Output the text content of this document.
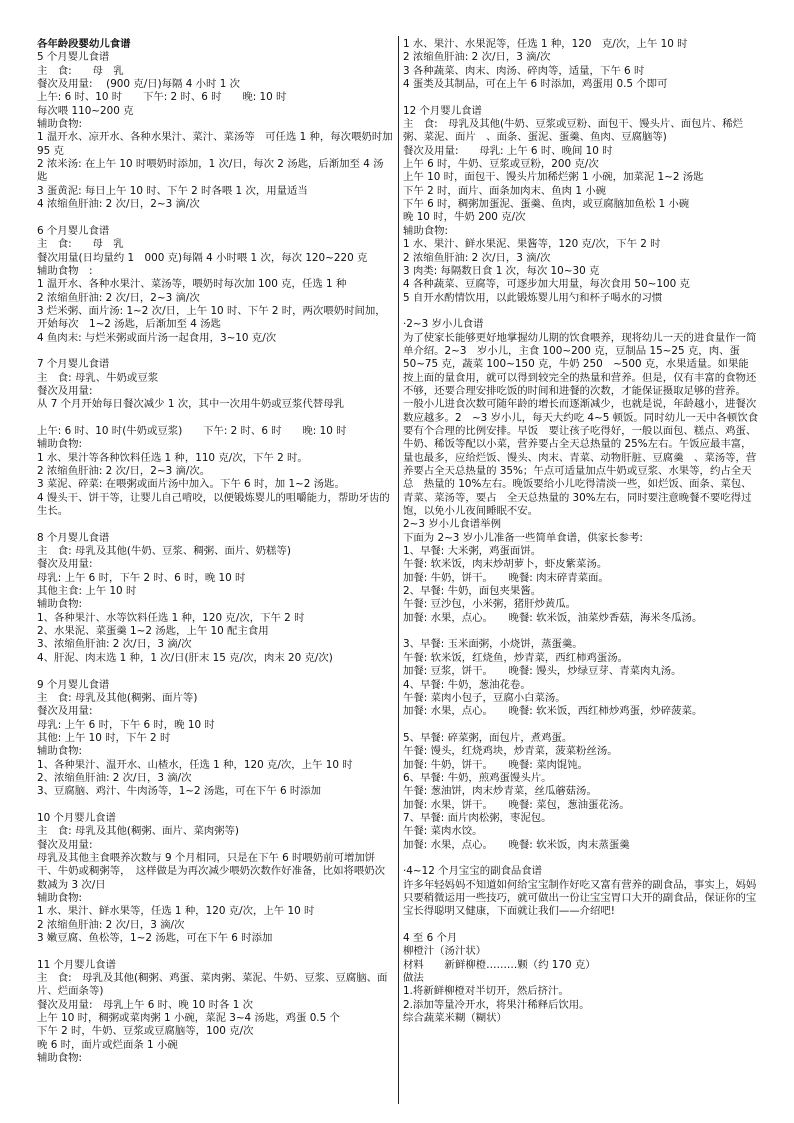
各年龄段婴幼儿食谱
5 个月婴儿食谱
主　食:　　母　乳
餐次及用量:　 (900 克/日)每隔 4 小时 1 次
上午: 6 时、10 时　　下午: 2 时、6 时　　晚: 10 时
每次喂 110~200 克
辅助食物:
1 温开水、凉开水、各种水果汁、菜汁、菜汤等　可任选 1 种，每次喂奶时加 95 克
2 浓米汤: 在上午 10 时喂奶时添加，1 次/日，每次 2 汤匙，后渐加至 4 汤匙
3 蛋黄泥: 每日上午 10 时、下午 2 时各喂 1 次，用量适当
4 浓缩鱼肝油: 2 次/日，2~3 滴/次
6 个月婴儿食谱
主　食:　　母　乳
餐次用量(日均量约 1　000 克)每隔 4 小时喂 1 次，每次 120~220 克
辅助食物　:
1 温开水、各种水果汁、菜汤等，喂奶时每次加 100 克，任选 1 种
2 浓缩鱼肝油: 2 次/日，2~3 滴/次
3 烂米粥、面片汤: 1~2 次/日，上午 10 时、下午 2 时，两次喂奶时间加，开始每次　1~2 汤匙，后渐加至 4 汤匙
4 鱼肉末: 与烂米粥或面片汤一起食用，3~10 克/次
7 个月婴儿食谱
主　食: 母乳、牛奶或豆浆
餐次及用量:
从 7 个月开始每日餐次减少 1 次，其中一次用牛奶或豆浆代替母乳
上午: 6 时、10 时(牛奶或豆浆)　　下午: 2 时、6 时　　晚: 10 时
辅助食物:
1 水、果汁等各种饮料任选 1 种，110 克/次，下午 2 时。
2 浓缩鱼肝油: 2 次/日，2~3 滴/次。
3 菜泥、碎菜: 在喂粥或面片汤中加入。下午 6 时，加 1~2 汤匙。
4 馒头干、饼干等，让婴儿自己啃咬，以便锻炼婴儿的咀嚼能力，帮助牙齿的生长。
8 个月婴儿食谱
主　食: 母乳及其他(牛奶、豆浆、稠粥、面片、奶糕等)
餐次及用量:
母乳: 上午 6 时，下午 2 时、6 时，晚 10 时
其他主食: 上午 10 时
辅助食物:
1、各种果汁、水等饮料任选 1 种，120 克/次，下午 2 时
2、水果泥、菜蛋羹 1~2 汤匙，上午 10 配主食用
3、浓缩鱼肝油: 2 次/日，3 滴/次
4、肝泥、肉末选 1 种，1 次/日(肝末 15 克/次，肉末 20 克/次)
9 个月婴儿食谱
主　食: 母乳及其他(稠粥、面片等)
餐次及用量:
母乳: 上午 6 时，下午 6 时，晚 10 时
其他: 上午 10 时，下午 2 时
辅助食物:
1、各种果汁、温开水、山楂水，任选 1 种，120 克/次，上午 10 时
2、浓缩鱼肝油: 2 次/日，3 滴/次
3、豆腐脑、鸡汁、牛肉汤等，1~2 汤匙，可在下午 6 时添加
10 个月婴儿食谱
主　食: 母乳及其他(稠粥、面片、菜肉粥等)
餐次及用量:
母乳及其他主食喂养次数与 9 个月相同，只是在下午 6 时喂奶前可增加饼干、牛奶或稠粥等，　这样做是为再次减少喂奶次数作好准备，比如将喂奶次数减为 3 次/日
辅助食物:
1 水、果汁、鲜水果等，任选 1 种，120 克/次，上午 10 时
2 浓缩鱼肝油: 2 次/日，3 滴/次
3 嫩豆腐、鱼松等，1~2 汤匙，可在下午 6 时添加
11 个月婴儿食谱
主　食:　母乳及其他(稠粥、鸡蛋、菜肉粥、菜泥、牛奶、豆浆、豆腐脑、面片、烂面条等)
餐次及用量:　母乳上午 6 时、晚 10 时各 1 次
上午 10 时，稠粥或菜肉粥 1 小碗，菜泥 3~4 汤匙，鸡蛋 0.5 个
下午 2 时，牛奶、豆浆或豆腐脑等，100 克/次
晚 6 时，面片或烂面条 1 小碗
辅助食物:
1 水、果汁、水果泥等，任选 1 种，120　克/次，上午 10 时
2 浓缩鱼肝油: 2 次/日，3 滴/次
3 各种蔬菜、肉末、肉汤、碎肉等，适量，下午 6 时
4 蛋类及其制品，可在上午 6 时添加，鸡蛋用 0.5 个即可
12 个月婴儿食谱
主　食:　母乳及其他(牛奶、豆浆或豆粉、面包干、馒头片、面包片、稀烂粥、菜泥、面片　、面条、蛋泥、蛋羹、鱼肉、豆腐脑等)
餐次及用量:　　母乳: 上午 6 时、晚间 10 时
上午 6 时，牛奶、豆浆或豆粉，200 克/次
上午 10 时，面包干、馒头片加稀烂粥 1 小碗，加菜泥 1~2 汤匙
下午 2 时，面片、面条加肉末、鱼肉 1 小碗
下午 6 时，稠粥加蛋泥、蛋羹、鱼肉，或豆腐脑加鱼松 1 小碗
晚 10 时，牛奶 200 克/次
辅助食物:
1 水、果汁、鲜水果泥、果酱等，120 克/次，下午 2 时
2 浓缩鱼肝油: 2 次/日，3 滴/次
3 肉类: 每隔数日食 1 次，每次 10~30 克
4 各种蔬菜、豆腐等，可逐步加大用量，每次食用 50~100 克
5 自开水酌情饮用，以此锻炼婴儿用勺和杯子喝水的习惯
·2~3 岁小儿食谱
为了使家长能够更好地掌握幼儿期的饮食喂养，现将幼儿一天的进食量作一简单介绍。2~3　岁小儿，主食 100~200 克，豆制品 15~25 克，肉、蛋 50~75 克，蔬菜 100~150 克，牛奶 250　~500 克，水果适量。如果能按上面的量食用，就可以得到较完全的热量和营养。但是，仅有丰富的食物还不够，还要合理安排吃饭的时间和进餐的次数，才能保证摄取足够的营养。　一般小儿进食次数可随年龄的增长而逐渐减少，也就是说，年龄越小，进餐次数应越多。2　~3 岁小儿，每天大约吃 4~5 顿饭。同时幼儿一天中各顿饮食要有个合理的比例安排。早饭　要让孩子吃得好，一般以面包、糕点、鸡蛋、牛奶、稀饭等配以小菜，营养要占全天总热量的 25%左右。午饭应最丰富，量也最多，应给烂饭、馒头、肉末、青菜、动物肝脏、豆腐羹　、菜汤等，营养要占全天总热量的 35%；午点可适量加点牛奶或豆浆、水果等，约占全天总　热量的 10%左右。晚饭要给小儿吃得清淡一些，如烂饭、面条、菜包、青菜、菜汤等，要占　全天总热量的 30%左右，同时要注意晚餐不要吃得过饱，以免小儿夜间睡眠不安。
2~3 岁小儿食谱举例
下面为 2~3 岁小儿准备一些简单食谱，供家长参考:
1、早餐: 大米粥，鸡蛋面饼。
午餐: 软米饭，肉末炒胡萝卜，虾皮紫菜汤。
加餐: 牛奶，饼干。　　晚餐: 肉末碎青菜面。
2、早餐: 牛奶，面包夹果酱。
午餐: 豆沙包，小米粥，猪肝炒黄瓜。
加餐: 水果，点心。　　晚餐: 软米饭，油菜炒香菇，海米冬瓜汤。
3、早餐: 玉米面粥，小烧饼，蒸蛋羹。
午餐: 软米饭，红烧鱼，炒青菜，西红柿鸡蛋汤。
加餐: 豆浆，饼干。　　晚餐: 馒头，炒绿豆芽、青菜肉丸汤。
4、早餐: 牛奶，葱油花卷。
午餐: 菜肉小包子，豆腐小白菜汤。
加餐: 水果，点心。　　晚餐: 软米饭，西红柿炒鸡蛋，炒碎菠菜。
5、早餐: 碎菜粥，面包片，煮鸡蛋。
午餐: 馒头，红烧鸡块，炒青菜，菠菜粉丝汤。
加餐: 牛奶，饼干。　　晚餐: 菜肉馄饨。
6、早餐: 牛奶，煎鸡蛋馒头片。
午餐: 葱油饼，肉末炒青菜，丝瓜蘑菇汤。
加餐: 水果，饼干。　　晚餐: 菜包，葱油蛋花汤。
7、早餐: 面片肉松粥，枣泥包。
午餐: 菜肉水饺。
加餐: 水果，点心。　　晚餐: 软米饭，肉末蒸蛋羹
·4~12 个月宝宝的副食品食谱
许多年轻妈妈不知道如何给宝宝制作好吃又富有营养的副食品，事实上，妈妈只要稍微运用一些技巧，就可做出一份让宝宝胃口大开的副食品，保证你的宝宝长得聪明又健康，下面就让我们——介绍吧!
4 至 6 个月
柳橙汁（汤汁状）
材料　　新鲜柳橙………颗（约 170 克）
做法
1.将新鲜柳橙对半切开，然后挤汁。
2.添加等量冷开水，将果汁稀释后饮用。
综合蔬菜米糊（糊状）
